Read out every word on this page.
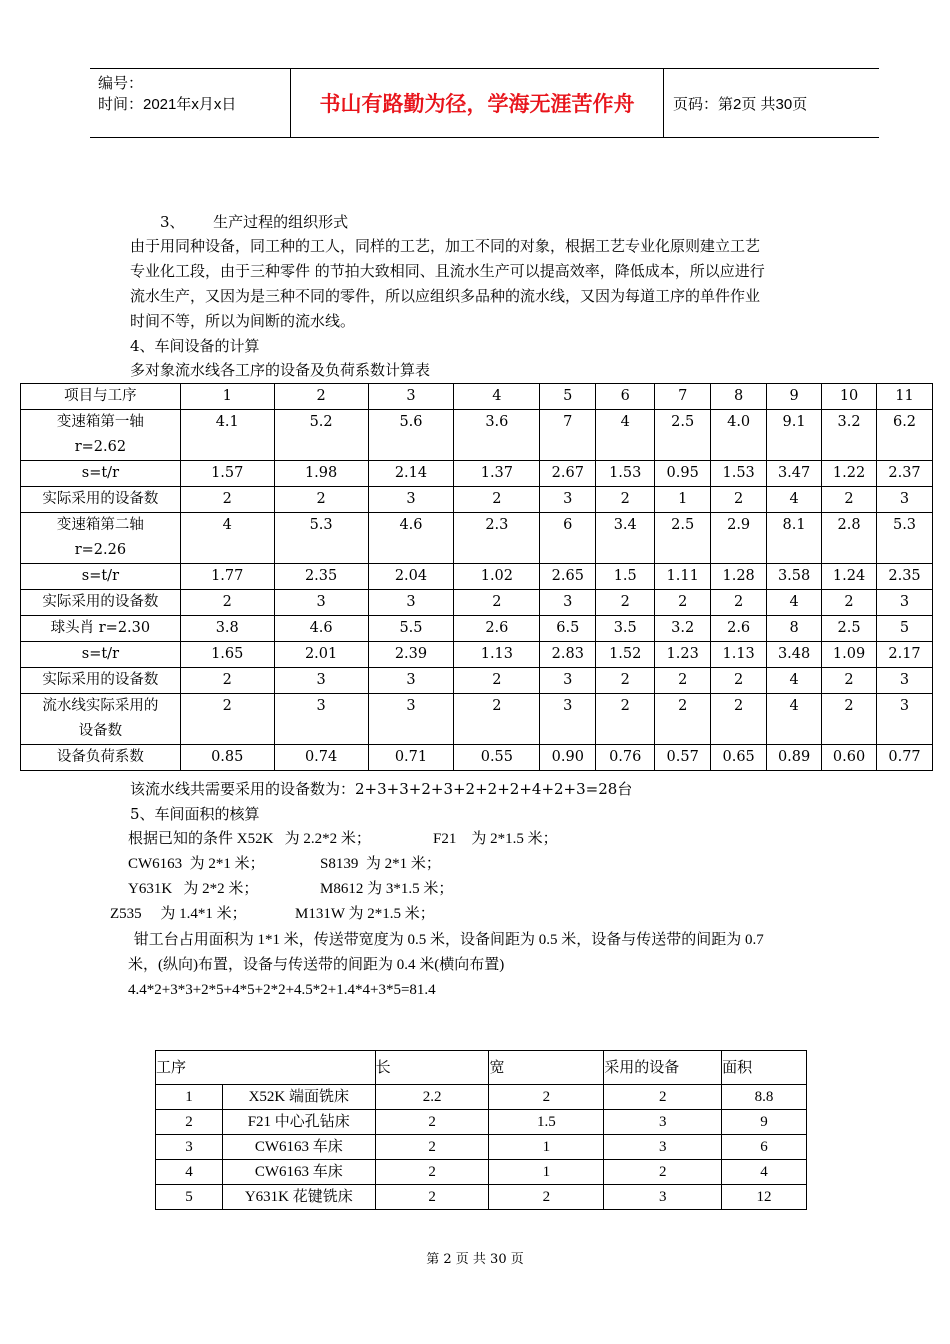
编号：
时间：2021年x月x日	书山有路勤为径，学海无涯苦作舟	页码：第2页 共30页
3、      生产过程的组织形式
由于用同种设备，同工种的工人，同样的工艺，加工不同的对象，根据工艺专业化原则建立工艺
专业化工段，由于三种零件 的节拍大致相同、且流水生产可以提高效率，降低成本，所以应进行
流水生产，又因为是三种不同的零件，所以应组织多品种的流水线，又因为每道工序的单件作业
时间不等，所以为间断的流水线。
4、车间设备的计算
多对象流水线各工序的设备及负荷系数计算表
项目与工序	1	2	3	4	5	6	7	8	9	10	11

变速箱第一轴
r=2.62	4.1	5.2	5.6	3.6	7	4	2.5	4.0	9.1	3.2	6.2

s=t/r	1.57	1.98	2.14	1.37	2.67	1.53	0.95	1.53	3.47	1.22	2.37

实际采用的设备数	2	2	3	2	3	2	1	2	4	2	3

变速箱第二轴
r=2.26	4	5.3	4.6	2.3	6	3.4	2.5	2.9	8.1	2.8	5.3

s=t/r	1.77	2.35	2.04	1.02	2.65	1.5	1.11	1.28	3.58	1.24	2.35

实际采用的设备数	2	3	3	2	3	2	2	2	4	2	3

球头肖 r=2.30	3.8	4.6	5.5	2.6	6.5	3.5	3.2	2.6	8	2.5	5

s=t/r	1.65	2.01	2.39	1.13	2.83	1.52	1.23	1.13	3.48	1.09	2.17

实际采用的设备数	2	3	3	2	3	2	2	2	4	2	3

流水线实际采用的
设备数	2	3	3	2	3	2	2	2	4	2	3

设备负荷系数	0.85	0.74	0.71	0.55	0.90	0.76	0.57	0.65	0.89	0.60	0.77
该流水线共需要采用的设备数为：2+3+3+2+3+2+2+2+4+2+3=28台
5、车间面积的核算
根据已知的条件 X52K   为 2.2*2 米；	F21    为 2*1.5 米；
CW6163  为 2*1 米；	S8139  为 2*1 米；
Y631K   为 2*2 米；	M8612 为 3*1.5 米；
Z535     为 1.4*1 米；	M131W 为 2*1.5 米；
钳工台占用面积为 1*1 米，传送带宽度为 0.5 米，设备间距为 0.5 米，设备与传送带的间距为 0.7
米，(纵向)布置，设备与传送带的间距为 0.4 米(横向布置)
4.4*2+3*3+2*5+4*5+2*2+4.5*2+1.4*4+3*5=81.4
工序		长	宽	采用的设备	面积
1	X52K 端面铣床	2.2	2	2	8.8
2	F21 中心孔钻床	2	1.5	3	9
3	CW6163 车床	2	1	3	6
4	CW6163 车床	2	1	2	4
5	Y631K 花键铣床	2	2	3	12
第 2 页 共 30 页
